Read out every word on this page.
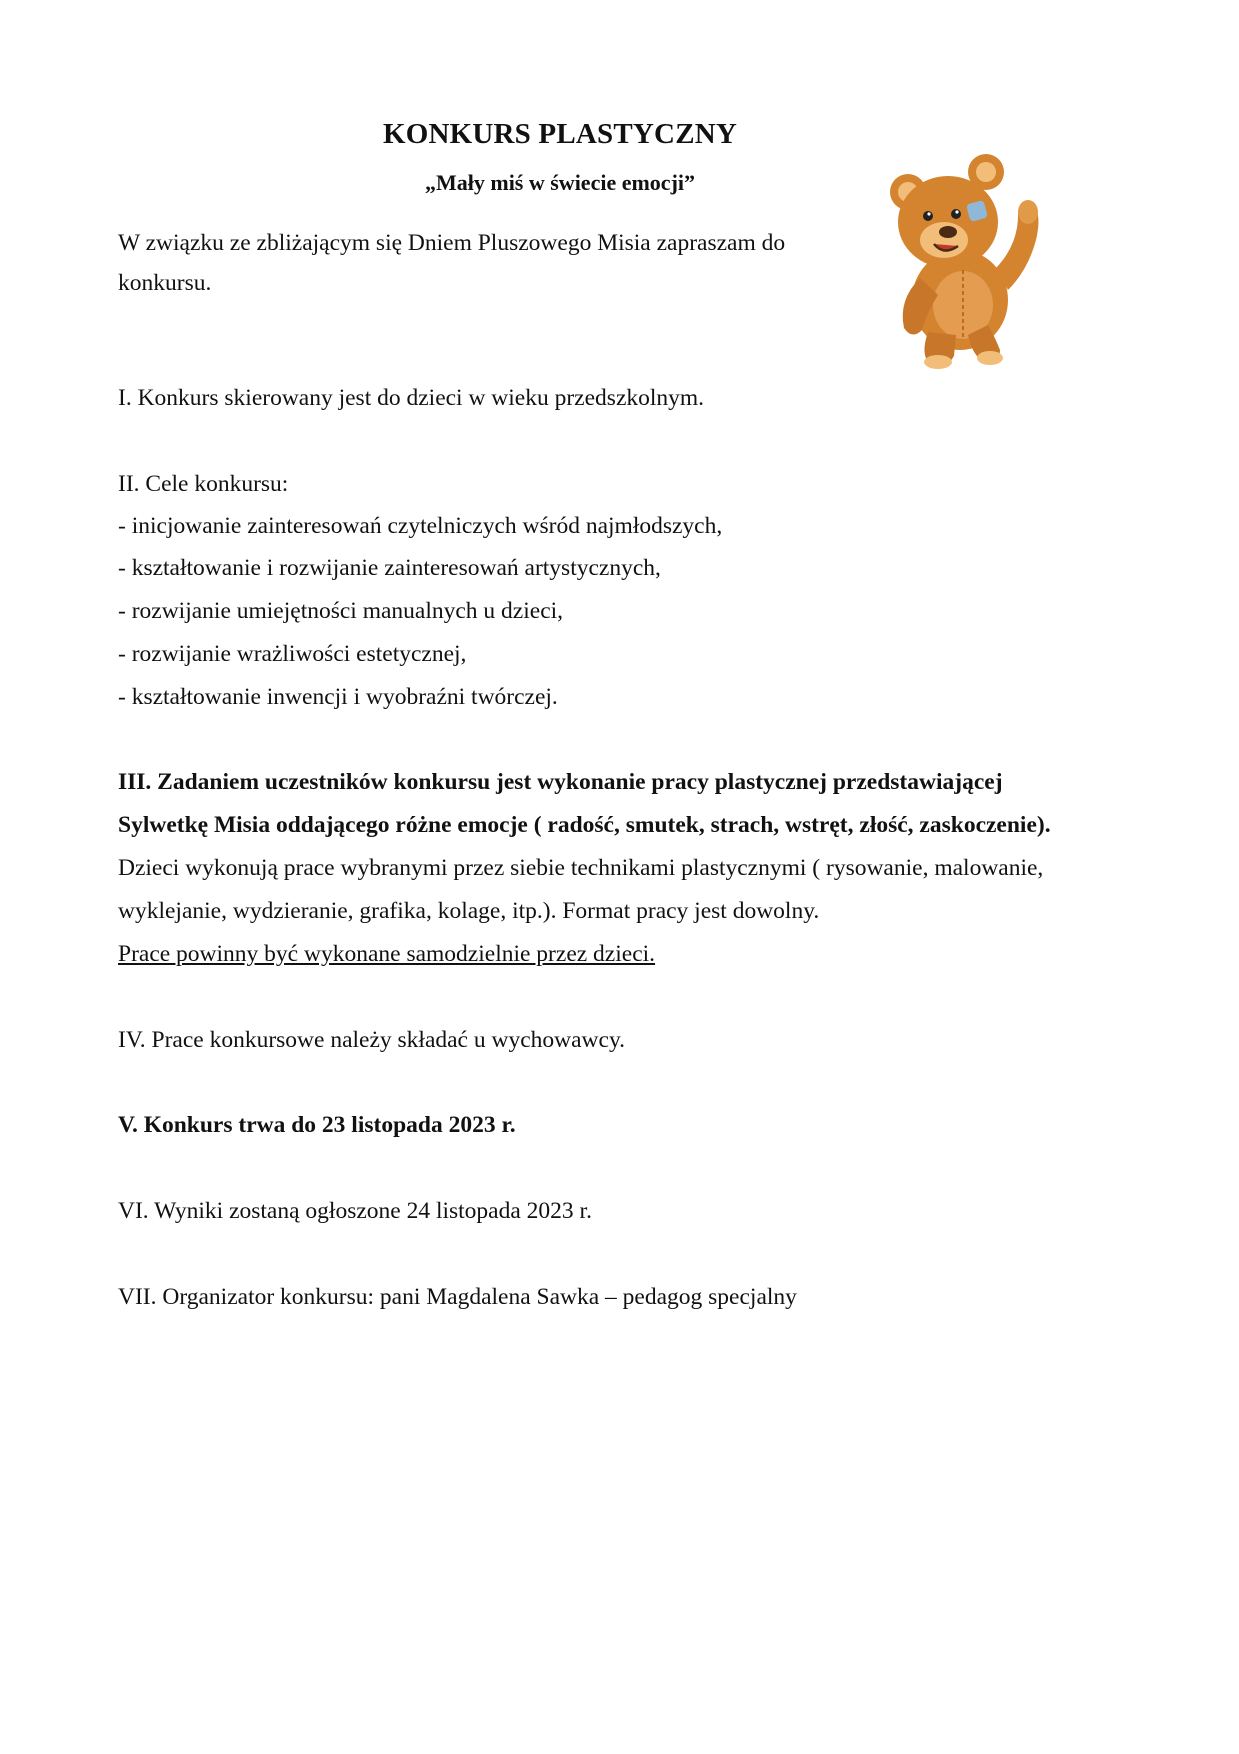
KONKURS PLASTYCZNY
„Mały miś w świecie emocji”
W związku ze zbliżającym się Dniem Pluszowego Misia zapraszam do
konkursu.
I. Konkurs skierowany jest do dzieci w wieku przedszkolnym.
II. Cele konkursu:
- inicjowanie zainteresowań czytelniczych wśród najmłodszych,
- kształtowanie i rozwijanie zainteresowań artystycznych,
- rozwijanie umiejętności manualnych u dzieci,
- rozwijanie wrażliwości estetycznej,
- kształtowanie inwencji i wyobraźni twórczej.
III. Zadaniem uczestników konkursu jest wykonanie pracy plastycznej przedstawiającej
Sylwetkę Misia oddającego różne emocje ( radość, smutek, strach, wstręt, złość, zaskoczenie).
Dzieci wykonują prace wybranymi przez siebie technikami plastycznymi ( rysowanie, malowanie,
wyklejanie, wydzieranie, grafika, kolage, itp.). Format pracy jest dowolny.
Prace powinny być wykonane samodzielnie przez dzieci.
IV. Prace konkursowe należy składać u wychowawcy.
V. Konkurs trwa do 23 listopada 2023 r.
VI. Wyniki zostaną ogłoszone 24 listopada 2023 r.
VII. Organizator konkursu: pani Magdalena Sawka – pedagog specjalny
